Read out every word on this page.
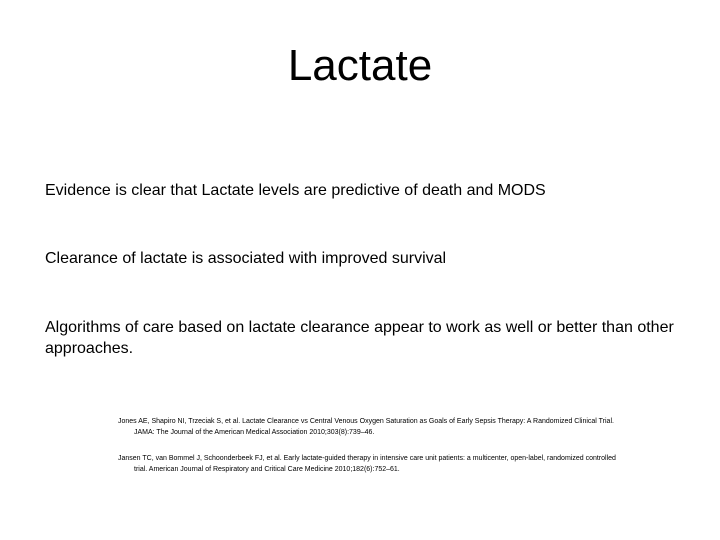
Lactate

Evidence is clear that Lactate levels are predictive of death and MODS

Clearance of lactate is associated with improved survival

Algorithms of care based on lactate clearance appear to work as well or better than other approaches.

Jones AE, Shapiro NI, Trzeciak S, et al. Lactate Clearance vs Central Venous Oxygen Saturation as Goals of Early Sepsis Therapy: A Randomized Clinical Trial. JAMA: The Journal of the American Medical Association 2010;303(8):739–46.

Jansen TC, van Bommel J, Schoonderbeek FJ, et al. Early lactate-guided therapy in intensive care unit patients: a multicenter, open-label, randomized controlled trial. American Journal of Respiratory and Critical Care Medicine 2010;182(6):752–61.
